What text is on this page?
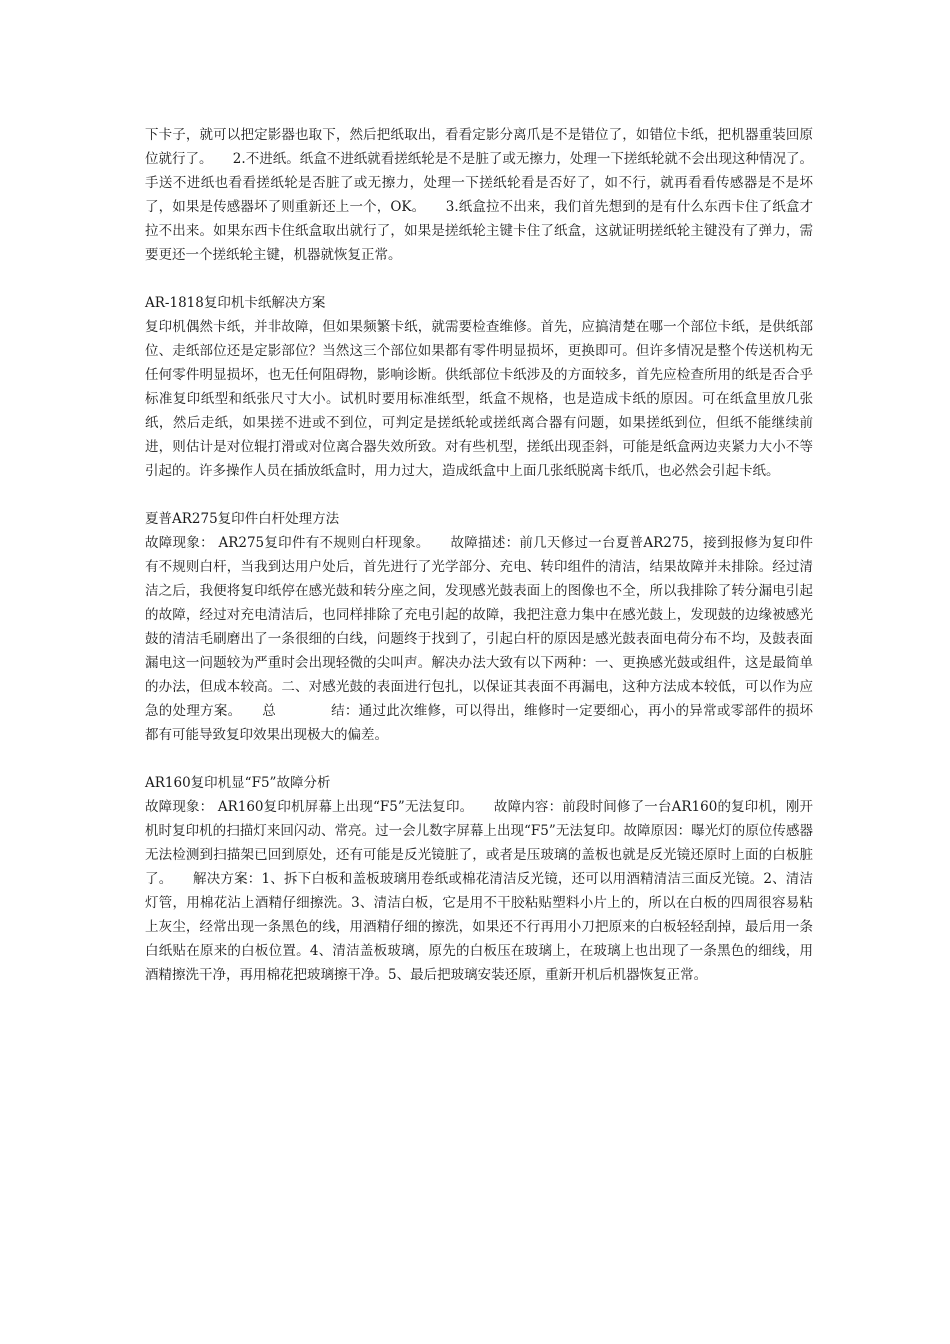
下卡子，就可以把定影器也取下，然后把纸取出，看看定影分离爪是不是错位了，如错位卡纸，把机器重装回原位就行了。　　2.不进纸。纸盒不进纸就看搓纸轮是不是脏了或无擦力，处理一下搓纸轮就不会出现这种情况了。手送不进纸也看看搓纸轮是否脏了或无擦力，处理一下搓纸轮看是否好了，如不行，就再看看传感器是不是坏了，如果是传感器坏了则重新还上一个，OK。　　3.纸盒拉不出来，我们首先想到的是有什么东西卡住了纸盒才拉不出来。如果东西卡住纸盒取出就行了，如果是搓纸轮主键卡住了纸盒，这就证明搓纸轮主键没有了弹力，需要更还一个搓纸轮主键，机器就恢复正常。

AR-1818复印机卡纸解决方案

复印机偶然卡纸，并非故障，但如果频繁卡纸，就需要检查维修。首先，应搞清楚在哪一个部位卡纸，是供纸部位、走纸部位还是定影部位？当然这三个部位如果都有零件明显损坏，更换即可。但许多情况是整个传送机构无任何零件明显损坏，也无任何阻碍物，影响诊断。供纸部位卡纸涉及的方面较多，首先应检查所用的纸是否合乎标准复印纸型和纸张尺寸大小。试机时要用标准纸型，纸盒不规格，也是造成卡纸的原因。可在纸盒里放几张纸，然后走纸，如果搓不进或不到位，可判定是搓纸轮或搓纸离合器有问题，如果搓纸到位，但纸不能继续前进，则估计是对位辊打滑或对位离合器失效所致。对有些机型，搓纸出现歪斜，可能是纸盒两边夹紧力大小不等引起的。许多操作人员在插放纸盒时，用力过大，造成纸盒中上面几张纸脱离卡纸爪，也必然会引起卡纸。

夏普AR275复印件白杆处理方法

故障现象： AR275复印件有不规则白杆现象。　　故障描述：前几天修过一台夏普AR275，接到报修为复印件有不规则白杆，当我到达用户处后，首先进行了光学部分、充电、转印组件的清洁，结果故障并未排除。经过清洁之后，我便将复印纸停在感光鼓和转分座之间，发现感光鼓表面上的图像也不全，所以我排除了转分漏电引起的故障，经过对充电清洁后，也同样排除了充电引起的故障，我把注意力集中在感光鼓上，发现鼓的边缘被感光鼓的清洁毛刷磨出了一条很细的白线，问题终于找到了，引起白杆的原因是感光鼓表面电荷分布不均，及鼓表面漏电这一问题较为严重时会出现轻微的尖叫声。解决办法大致有以下两种：一、更换感光鼓或组件，这是最简单的办法，但成本较高。二、对感光鼓的表面进行包扎，以保证其表面不再漏电，这种方法成本较低，可以作为应急的处理方案。　　总　　　　结：通过此次维修，可以得出，维修时一定要细心，再小的异常或零部件的损坏都有可能导致复印效果出现极大的偏差。

AR160复印机显“F5”故障分析

故障现象： AR160复印机屏幕上出现“F5”无法复印。　　故障内容：前段时间修了一台AR160的复印机，刚开机时复印机的扫描灯来回闪动、常亮。过一会儿数字屏幕上出现“F5”无法复印。故障原因：曝光灯的原位传感器无法检测到扫描架已回到原处，还有可能是反光镜脏了，或者是压玻璃的盖板也就是反光镜还原时上面的白板脏了。　　解决方案：1、拆下白板和盖板玻璃用卷纸或棉花清洁反光镜，还可以用酒精清洁三面反光镜。2、清洁灯管，用棉花沾上酒精仔细擦洗。3、清洁白板，它是用不干胶粘贴塑料小片上的，所以在白板的四周很容易粘上灰尘，经常出现一条黑色的线，用酒精仔细的擦洗，如果还不行再用小刀把原来的白板轻轻刮掉，最后用一条白纸贴在原来的白板位置。4、清洁盖板玻璃，原先的白板压在玻璃上，在玻璃上也出现了一条黑色的细线，用酒精擦洗干净，再用棉花把玻璃擦干净。5、最后把玻璃安装还原，重新开机后机器恢复正常。
